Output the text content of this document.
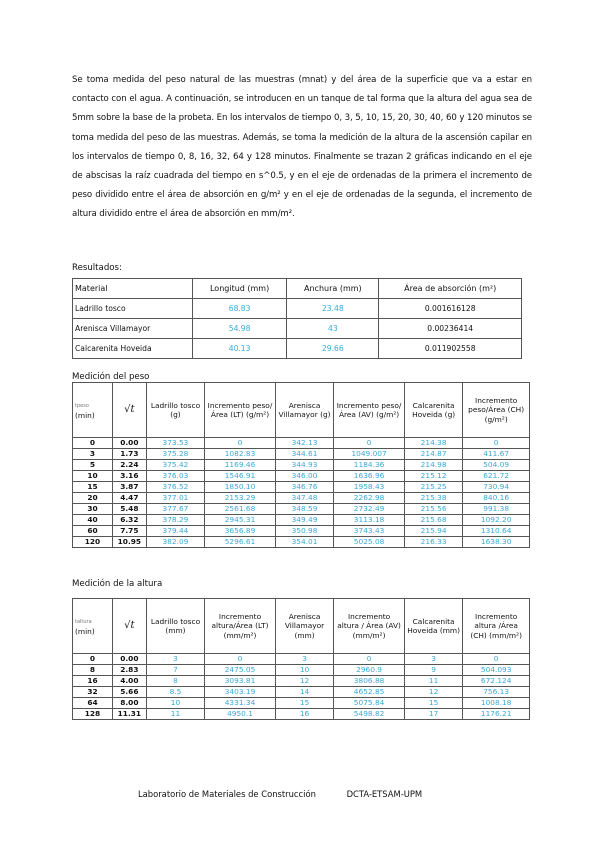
Se toma medida del peso natural de las muestras (mnat) y del área de la superficie que va a estar en contacto con el agua. A continuación, se introducen en un tanque de tal forma que la altura del agua sea de 5mm sobre la base de la probeta. En los intervalos de tiempo 0, 3, 5, 10, 15, 20, 30, 40, 60 y 120 minutos se toma medida del peso de las muestras. Además, se toma la medición de la altura de la ascensión capilar en los intervalos de tiempo 0, 8, 16, 32, 64 y 128 minutos. Finalmente se trazan 2 gráficas indicando en el eje de abscisas la raíz cuadrada del tiempo en s^0.5, y en el eje de ordenadas de la primera el incremento de peso dividido entre el área de absorción en g/m² y en el eje de ordenadas de la segunda, el incremento de altura dividido entre el área de absorción en mm/m².

Resultados:
Material	Longitud (mm)	Anchura (mm)	Área de absorción (m²)
Ladrillo tosco	68.83	23.48	0.001616128
Arenisca Villamayor	54.98	43	0.00236414
Calcarenita Hoveida	40.13	29.66	0.011902558
Medición del peso
tpeso
(min)	√t	Ladrillo tosco (g)	Incremento peso/Área (LT) (g/m²)	Arenisca Villamayor (g)	Incremento peso/Área (AV) (g/m²)	Calcarenita Hoveida (g)	Incremento peso/Área (CH) (g/m²)
0	0.00	373.53	0	342.13	0	214.38	0
3	1.73	375.28	1082.83	344.61	1049.007	214.87	411.67
5	2.24	375.42	1169.46	344.93	1184.36	214.98	504.09
10	3.16	376.03	1546.91	346.00	1636.96	215.12	621.72
15	3.87	376.52	1850.10	346.76	1958.43	215.25	730.94
20	4.47	377.01	2153.29	347.48	2262.98	215.38	840.16
30	5.48	377.67	2561.68	348.59	2732.49	215.56	991.38
40	6.32	378.29	2945.31	349.49	3113.18	215.68	1092.20
60	7.75	379.44	3656.89	350.98	3743.43	215.94	1310.64
120	10.95	382.09	5296.61	354.01	5025.08	216.33	1638.30
Medición de la altura
taltura
(min)	√t	Ladrillo tosco (mm)	Incremento altura/Área (LT) (mm/m²)	Arenisca Villamayor (mm)	Incremento altura / Área (AV) (mm/m²)	Calcarenita Hoveida (mm)	Incremento altura /Área (CH) (mm/m²)
0	0.00	3	0	3	0	3	0
8	2.83	7	2475.05	10	2960.9	9	504.093
16	4.00	8	3093.81	12	3806.88	11	672.124
32	5.66	8.5	3403.19	14	4652.85	12	756.13
64	8.00	10	4331.34	15	5075.84	15	1008.18
128	11.31	11	4950.1	16	5498.82	17	1176.21
Laboratorio de Materiales de Construcción	DCTA-ETSAM-UPM
